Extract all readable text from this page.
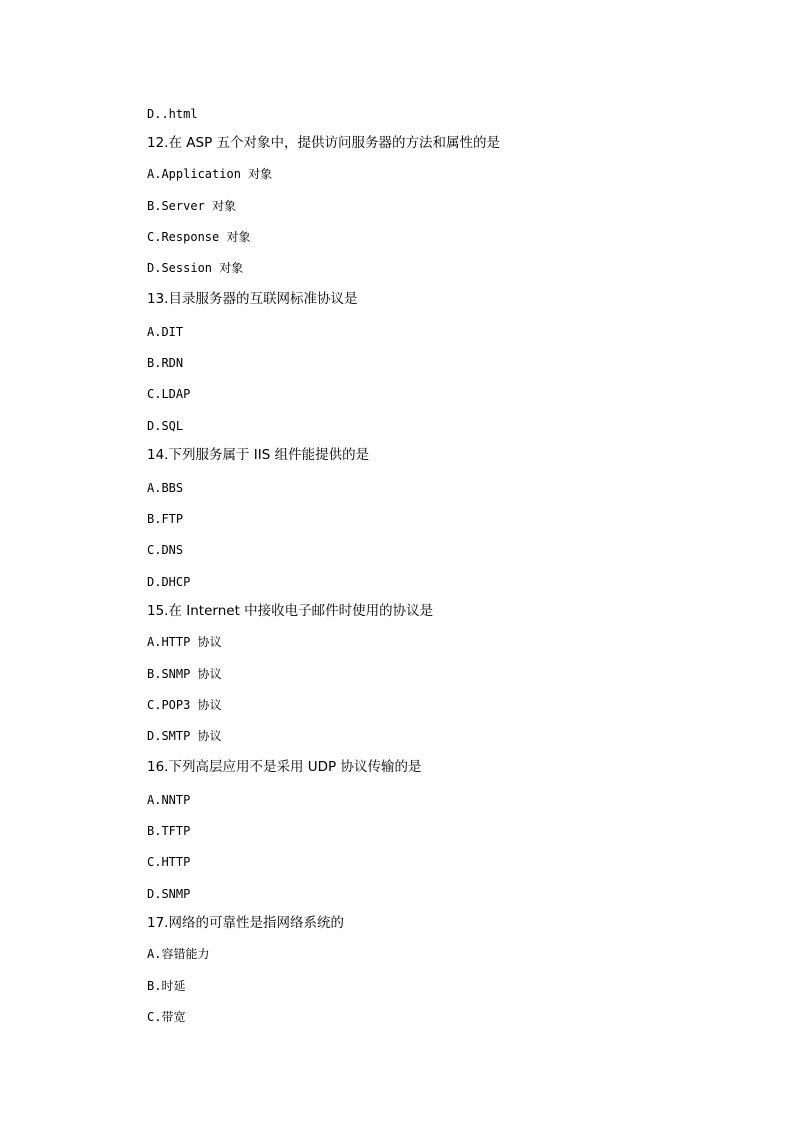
D..html
12.在 ASP 五个对象中，提供访问服务器的方法和属性的是
A.Application 对象
B.Server 对象
C.Response 对象
D.Session 对象
13.目录服务器的互联网标准协议是
A.DIT
B.RDN
C.LDAP
D.SQL
14.下列服务属于 IIS 组件能提供的是
A.BBS
B.FTP
C.DNS
D.DHCP
15.在 Internet 中接收电子邮件时使用的协议是
A.HTTP 协议
B.SNMP 协议
C.POP3 协议
D.SMTP 协议
16.下列高层应用不是采用 UDP 协议传输的是
A.NNTP
B.TFTP
C.HTTP
D.SNMP
17.网络的可靠性是指网络系统的
A.容错能力
B.时延
C.带宽
